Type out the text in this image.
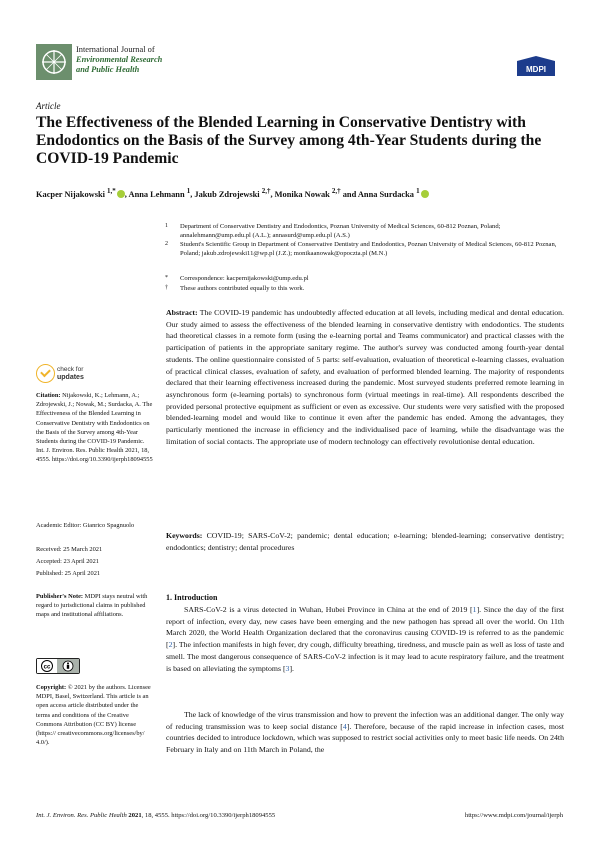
International Journal of
Environmental Research
and Public Health	MDPI
Article
The Effectiveness of the Blended Learning in Conservative Dentistry with Endodontics on the Basis of the Survey among 4th-Year Students during the COVID-19 Pandemic
Kacper Nijakowski $^{1,*}$ , Anna Lehmann $^1$, Jakub Zdrojewski $^{2,\dagger}$, Monika Nowak $^{2,\dagger}$ and Anna Surdacka $^1$
1	Department of Conservative Dentistry and Endodontics, Poznan University of Medical Sciences, 60-812 Poznan, Poland; annalehmann@ump.edu.pl (A.L.); annasurd@ump.edu.pl (A.S.)
2	Student's Scientific Group in Department of Conservative Dentistry and Endodontics, Poznan University of Medical Sciences, 60-812 Poznan, Poland; jakub.zdrojewski11@wp.pl (J.Z.); monikaanowak@opoczta.pl (M.N.)
*	Correspondence: kacpernijakowski@ump.edu.pl
†	These authors contributed equally to this work.
check for
updates
Citation: Nijakowski, K.; Lehmann, A.; Zdrojewski, J.; Nowak, M.; Surdacka, A. The Effectiveness of the Blended Learning in Conservative Dentistry with Endodontics on the Basis of the Survey among 4th-Year Students during the COVID-19 Pandemic. Int. J. Environ. Res. Public Health 2021, 18, 4555. https://doi.org/10.3390/ijerph18094555
Academic Editor: Gianrico Spagnuolo
Received: 25 March 2021
Accepted: 23 April 2021
Published: 25 April 2021
Publisher's Note: MDPI stays neutral with regard to jurisdictional claims in published maps and institutional affiliations.
cc
Copyright: © 2021 by the authors. Licensee MDPI, Basel, Switzerland. This article is an open access article distributed under the terms and conditions of the Creative Commons Attribution (CC BY) license (https:// creativecommons.org/licenses/by/ 4.0/).
Abstract: The COVID-19 pandemic has undoubtedly affected education at all levels, including medical and dental education. Our study aimed to assess the effectiveness of the blended learning in conservative dentistry with endodontics. The students had theoretical classes in a remote form (using the e-learning portal and Teams communicator) and practical classes with the participation of patients in the appropriate sanitary regime. The author's survey was conducted among fourth-year dental students. The online questionnaire consisted of 5 parts: self-evaluation, evaluation of theoretical e-learning classes, evaluation of practical clinical classes, evaluation of safety, and evaluation of performed blended learning. The majority of respondents declared that their learning effectiveness increased during the pandemic. Most surveyed students preferred remote learning in asynchronous form (e-learning portals) to synchronous form (virtual meetings in real-time). All respondents described the provided personal protective equipment as sufficient or even as excessive. Our students were very satisfied with the proposed blended-learning model and would like to continue it even after the pandemic has ended. Among the advantages, they particularly mentioned the increase in efficiency and the individualised pace of learning, while the disadvantage was the limitation of social contacts. The appropriate use of modern technology can effectively revolutionise dental education.
Keywords: COVID-19; SARS-CoV-2; pandemic; dental education; e-learning; blended-learning; conservative dentistry; endodontics; dentistry; dental procedures
1. Introduction
SARS-CoV-2 is a virus detected in Wuhan, Hubei Province in China at the end of 2019 [1]. Since the day of the first report of infection, every day, new cases have been emerging and the new pathogen has spread all over the world. On 11th March 2020, the World Health Organization declared that the coronavirus causing COVID-19 is referred to as the pandemic [2]. The infection manifests in high fever, dry cough, difficulty breathing, tiredness, and muscle pain as well as loss of taste and smell. The most dangerous consequence of SARS-CoV-2 infection is it may lead to acute respiratory failure, and the treatment is based on alleviating the symptoms [3].
The lack of knowledge of the virus transmission and how to prevent the infection was an additional danger. The only way of reducing transmission was to keep social distance [4]. Therefore, because of the rapid increase in infection cases, most countries decided to introduce lockdown, which was supposed to restrict social activities only to meet basic life needs. On 24th February in Italy and on 11th March in Poland, the
Int. J. Environ. Res. Public Health 2021, 18, 4555. https://doi.org/10.3390/ijerph18094555	https://www.mdpi.com/journal/ijerph
